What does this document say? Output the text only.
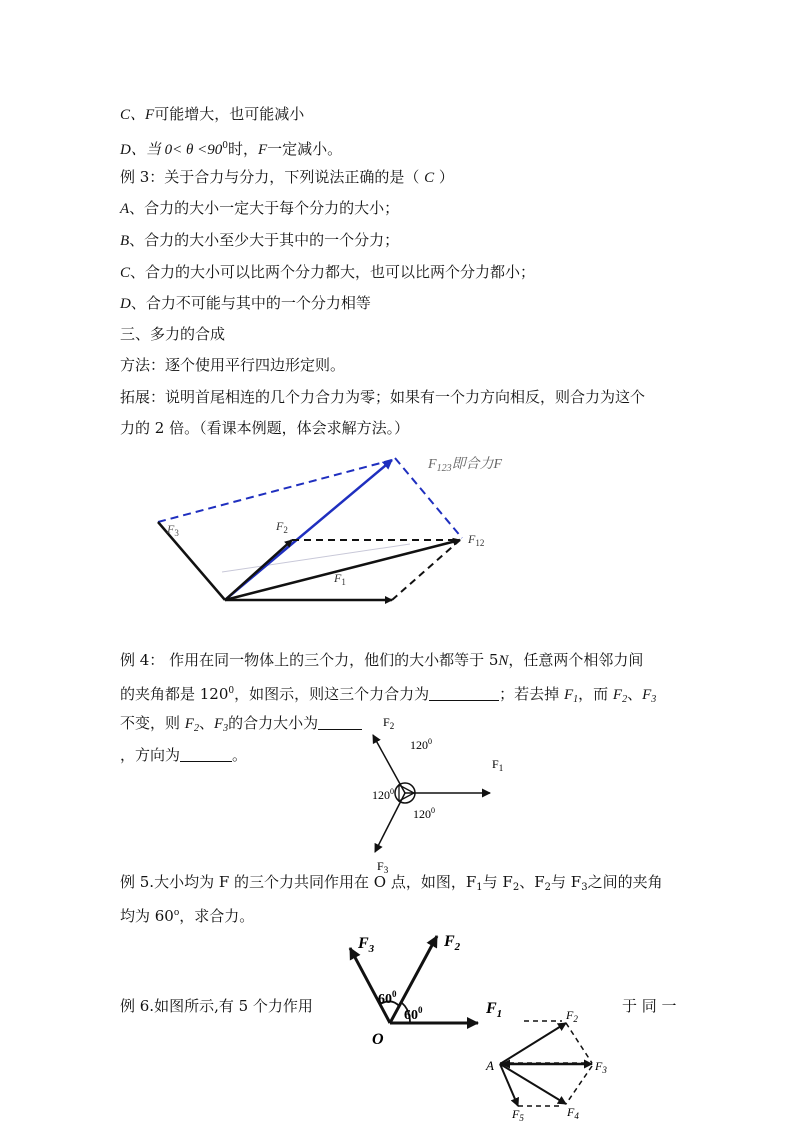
C、F可能增大，也可能减小
D、当 $0< \theta <90^0$时，F一定减小。
例 3：关于合力与分力，下列说法正确的是（ C ）
A、合力的大小一定大于每个分力的大小；
B、合力的大小至少大于其中的一个分力；
C、合力的大小可以比两个分力都大，也可以比两个分力都小；
D、合力不可能与其中的一个分力相等
三、多力的合成
方法：逐个使用平行四边形定则。
拓展：说明首尾相连的几个力合力为零；如果有一个力方向相反，则合力为这个
力的 2 倍。（看课本例题，体会求解方法。）
$F_{123}$即合力F
$F_3$	$F_2$
$F_{12}$
$F_1$
例 4： 作用在同一物体上的三个力，他们的大小都等于 5N，任意两个相邻力间
的夹角都是 $120^0$，如图示，则这三个力合力为	；若去掉 $F_1$，而 $F_2$、$F_3$
不变，则 $F_2$、$F_3$的合力大小为
，方向为	。
$F_2$
$F_1$
$F_3$
$120^0$
$120^0$
$120^0$
例 5.大小均为 F 的三个力共同作用在 O 点，如图，$F_1$与 $F_2$、$F_2$与 $F_3$之间的夹角
均为 60$^o$，求合力。
例 6.如图所示,有 5 个力作用	于 同 一
$F_3$	$F_2$
$F_1$
$60^0$
$60^0$
O
A
$F_2$
$F_3$
$F_4$
$F_5$
